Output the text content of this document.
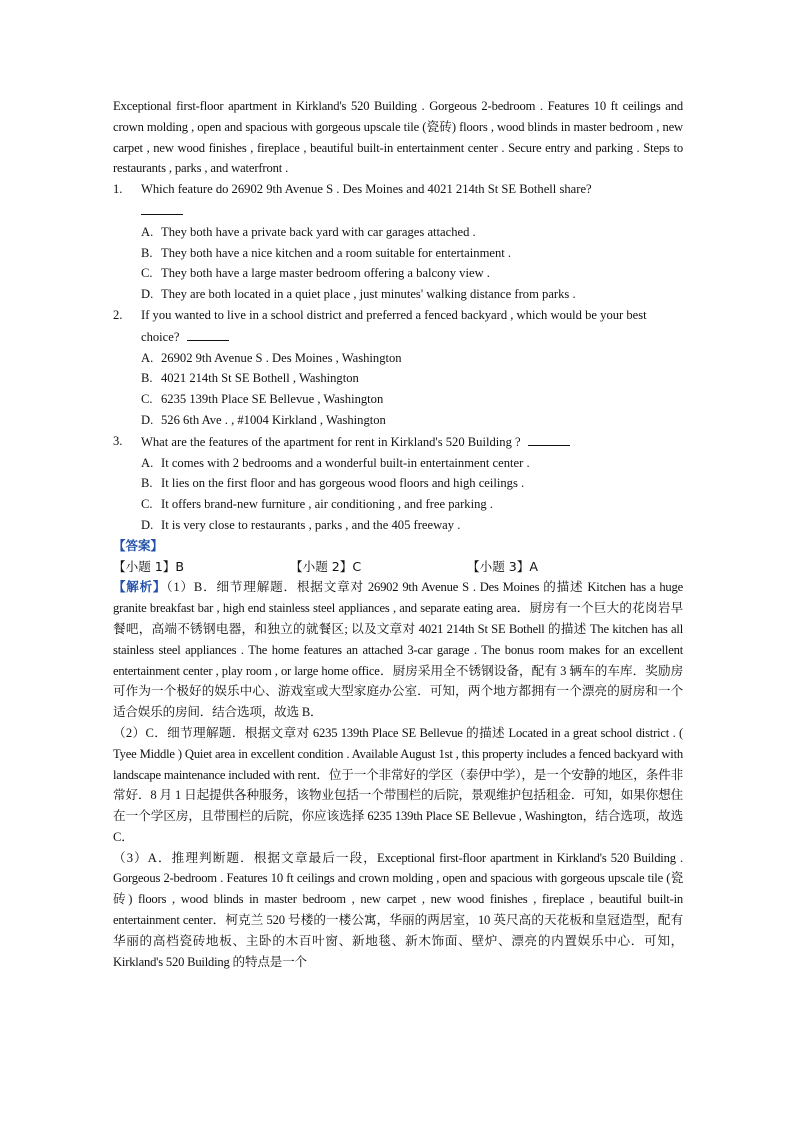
Exceptional first-floor apartment in Kirkland's 520 Building . Gorgeous 2-bedroom . Features 10 ft ceilings and crown molding , open and spacious with gorgeous upscale tile (瓷砖) floors , wood blinds in master bedroom , new carpet , new wood finishes , fireplace , beautiful built-in entertainment center . Secure entry and parking . Steps to restaurants , parks , and waterfront .
1. Which feature do 26902 9th Avenue S . Des Moines and 4021 214th St SE Bothell share?

A. They both have a private back yard with car garages attached .
B. They both have a nice kitchen and a room suitable for entertainment .
C. They both have a large master bedroom offering a balcony view .
D. They are both located in a quiet place , just minutes' walking distance from parks .
2. If you wanted to live in a school district and preferred a fenced backyard , which would be your best choice?
A. 26902 9th Avenue S . Des Moines , Washington
B. 4021 214th St SE Bothell , Washington
C. 6235 139th Place SE Bellevue , Washington
D. 526 6th Ave . , #1004 Kirkland , Washington
3. What are the features of the apartment for rent in Kirkland's 520 Building ?
A. It comes with 2 bedrooms and a wonderful built-in entertainment center .
B. It lies on the first floor and has gorgeous wood floors and high ceilings .
C. It offers brand-new furniture , air conditioning , and free parking .
D. It is very close to restaurants , parks , and the 405 freeway .
【答案】
【小题 1】B	【小题 2】C	【小题 3】A
【解析】（1）B．细节理解题．根据文章对 26902 9th Avenue S . Des Moines 的描述 Kitchen has a huge granite breakfast bar , high end stainless steel appliances , and separate eating area．厨房有一个巨大的花岗岩早餐吧，高端不锈钢电器，和独立的就餐区; 以及文章对 4021 214th St SE Bothell 的描述 The kitchen has all stainless steel appliances . The home features an attached 3-car garage . The bonus room makes for an excellent entertainment center , play room , or large home office．厨房采用全不锈钢设备，配有 3 辆车的车库．奖励房可作为一个极好的娱乐中心、游戏室或大型家庭办公室．可知，两个地方都拥有一个漂亮的厨房和一个适合娱乐的房间．结合选项，故选 B．
（2）C．细节理解题．根据文章对 6235 139th Place SE Bellevue 的描述 Located in a great school district . ( Tyee Middle ) Quiet area in excellent condition . Available August 1st , this property includes a fenced backyard with landscape maintenance included with rent．位于一个非常好的学区（泰伊中学），是一个安静的地区，条件非常好．8 月 1 日起提供各种服务，该物业包括一个带围栏的后院，景观维护包括租金．可知，如果你想住在一个学区房，且带围栏的后院，你应该选择 6235 139th Place SE Bellevue , Washington，结合选项，故选 C．
（3）A．推理判断题．根据文章最后一段，Exceptional first-floor apartment in Kirkland's 520 Building . Gorgeous 2-bedroom . Features 10 ft ceilings and crown molding , open and spacious with gorgeous upscale tile (瓷砖) floors , wood blinds in master bedroom , new carpet , new wood finishes , fireplace , beautiful built-in entertainment center．柯克兰 520 号楼的一楼公寓，华丽的两居室，10 英尺高的天花板和皇冠造型，配有华丽的高档瓷砖地板、主卧的木百叶窗、新地毯、新木饰面、壁炉、漂亮的内置娱乐中心．可知，Kirkland's 520 Building 的特点是一个
